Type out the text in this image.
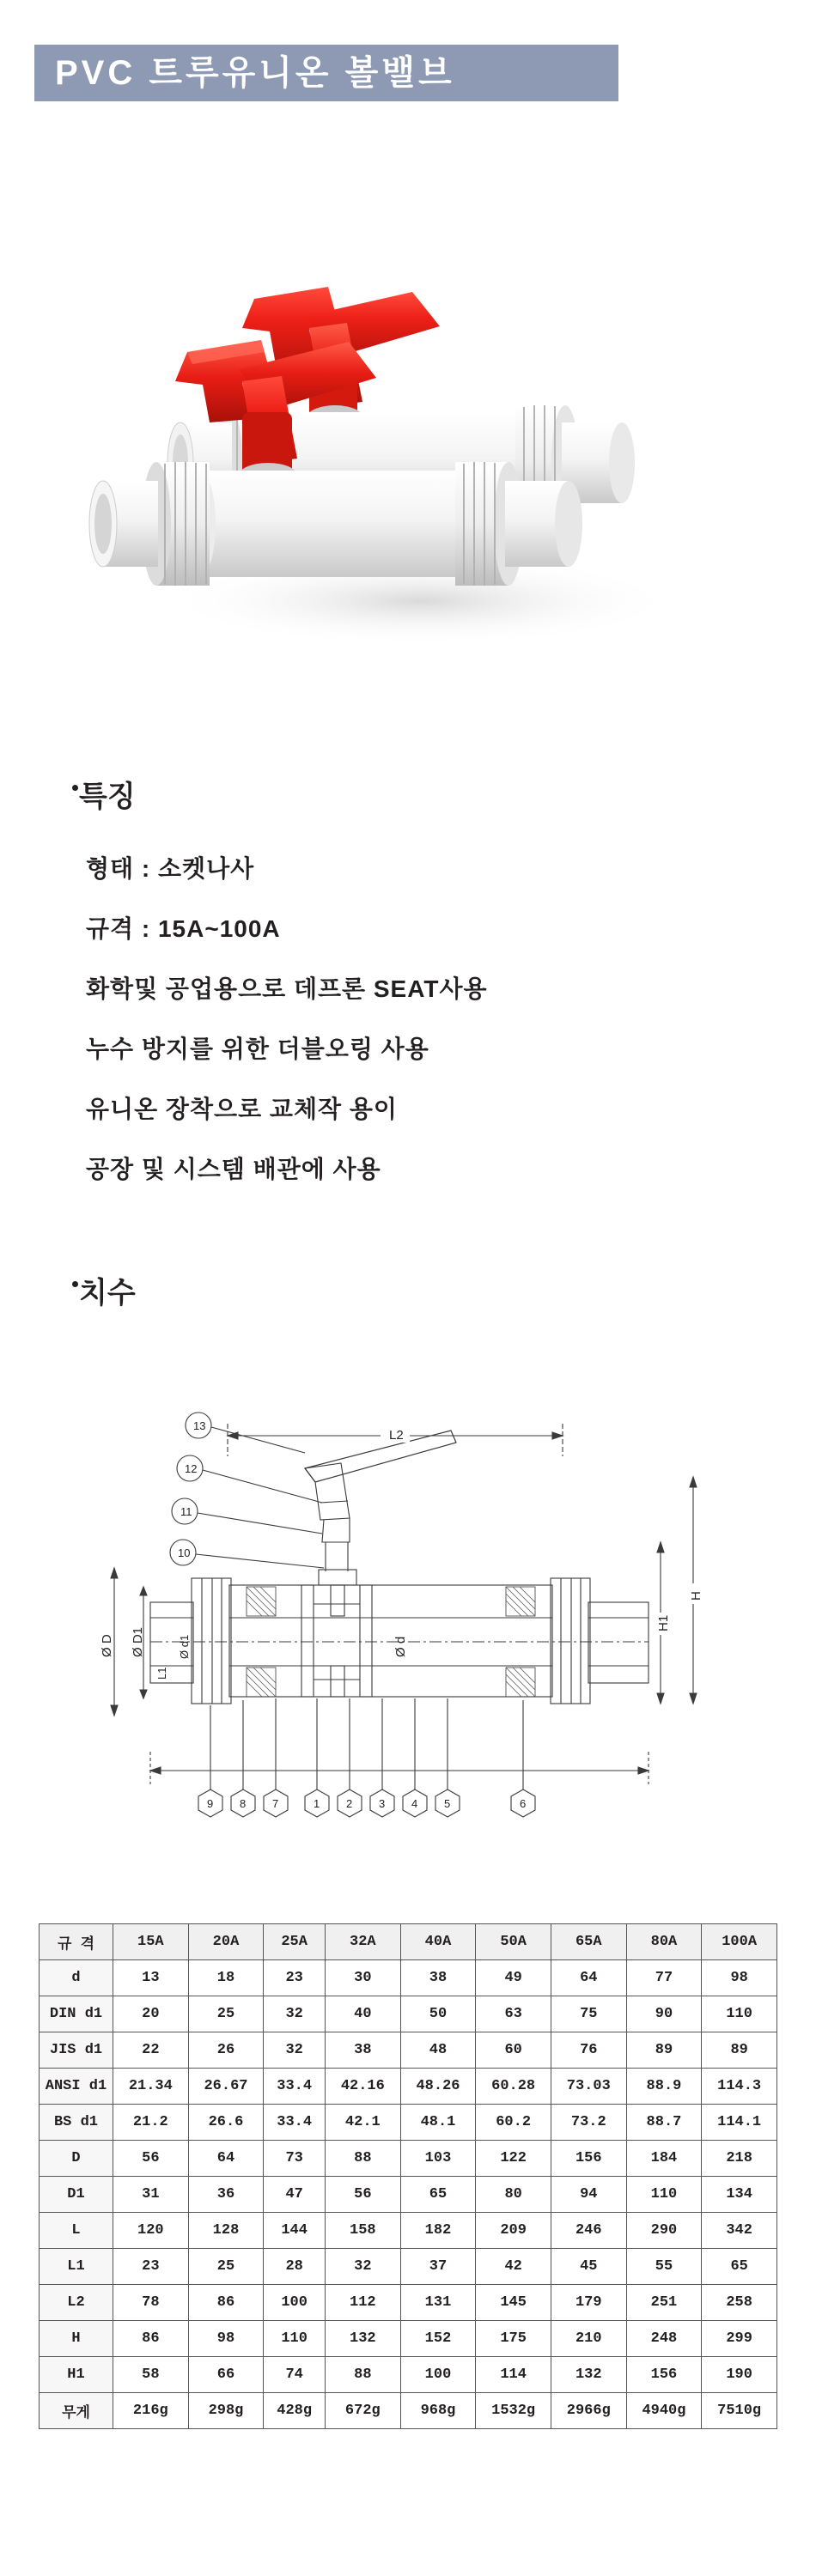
PVC 트루유니온 볼밸브
특징
형태 : 소켓나사
규격 : 15A~100A
화학및 공업용으로 데프론 SEAT사용
누수 방지를 위한 더블오링 사용
유니온 장착으로 교체작 용이
공장 및 시스템 배관에 사용
치수
L2
H1
H
Ø D Ø D1	Ø d1
L1
Ø d
13
12
11
10
9 8 7	1 2 3 4 5	6
규 격	15A	20A	25A	32A	40A	50A	65A	80A	100A
d	13	18	23	30	38	49	64	77	98
DIN d1	20	25	32	40	50	63	75	90	110
JIS d1	22	26	32	38	48	60	76	89	89
ANSI d1	21.34	26.67	33.4	42.16	48.26	60.28	73.03	88.9	114.3
BS d1	21.2	26.6	33.4	42.1	48.1	60.2	73.2	88.7	114.1
D	56	64	73	88	103	122	156	184	218
D1	31	36	47	56	65	80	94	110	134
L	120	128	144	158	182	209	246	290	342
L1	23	25	28	32	37	42	45	55	65
L2	78	86	100	112	131	145	179	251	258
H	86	98	110	132	152	175	210	248	299
H1	58	66	74	88	100	114	132	156	190
무게	216g	298g	428g	672g	968g	1532g	2966g	4940g	7510g
